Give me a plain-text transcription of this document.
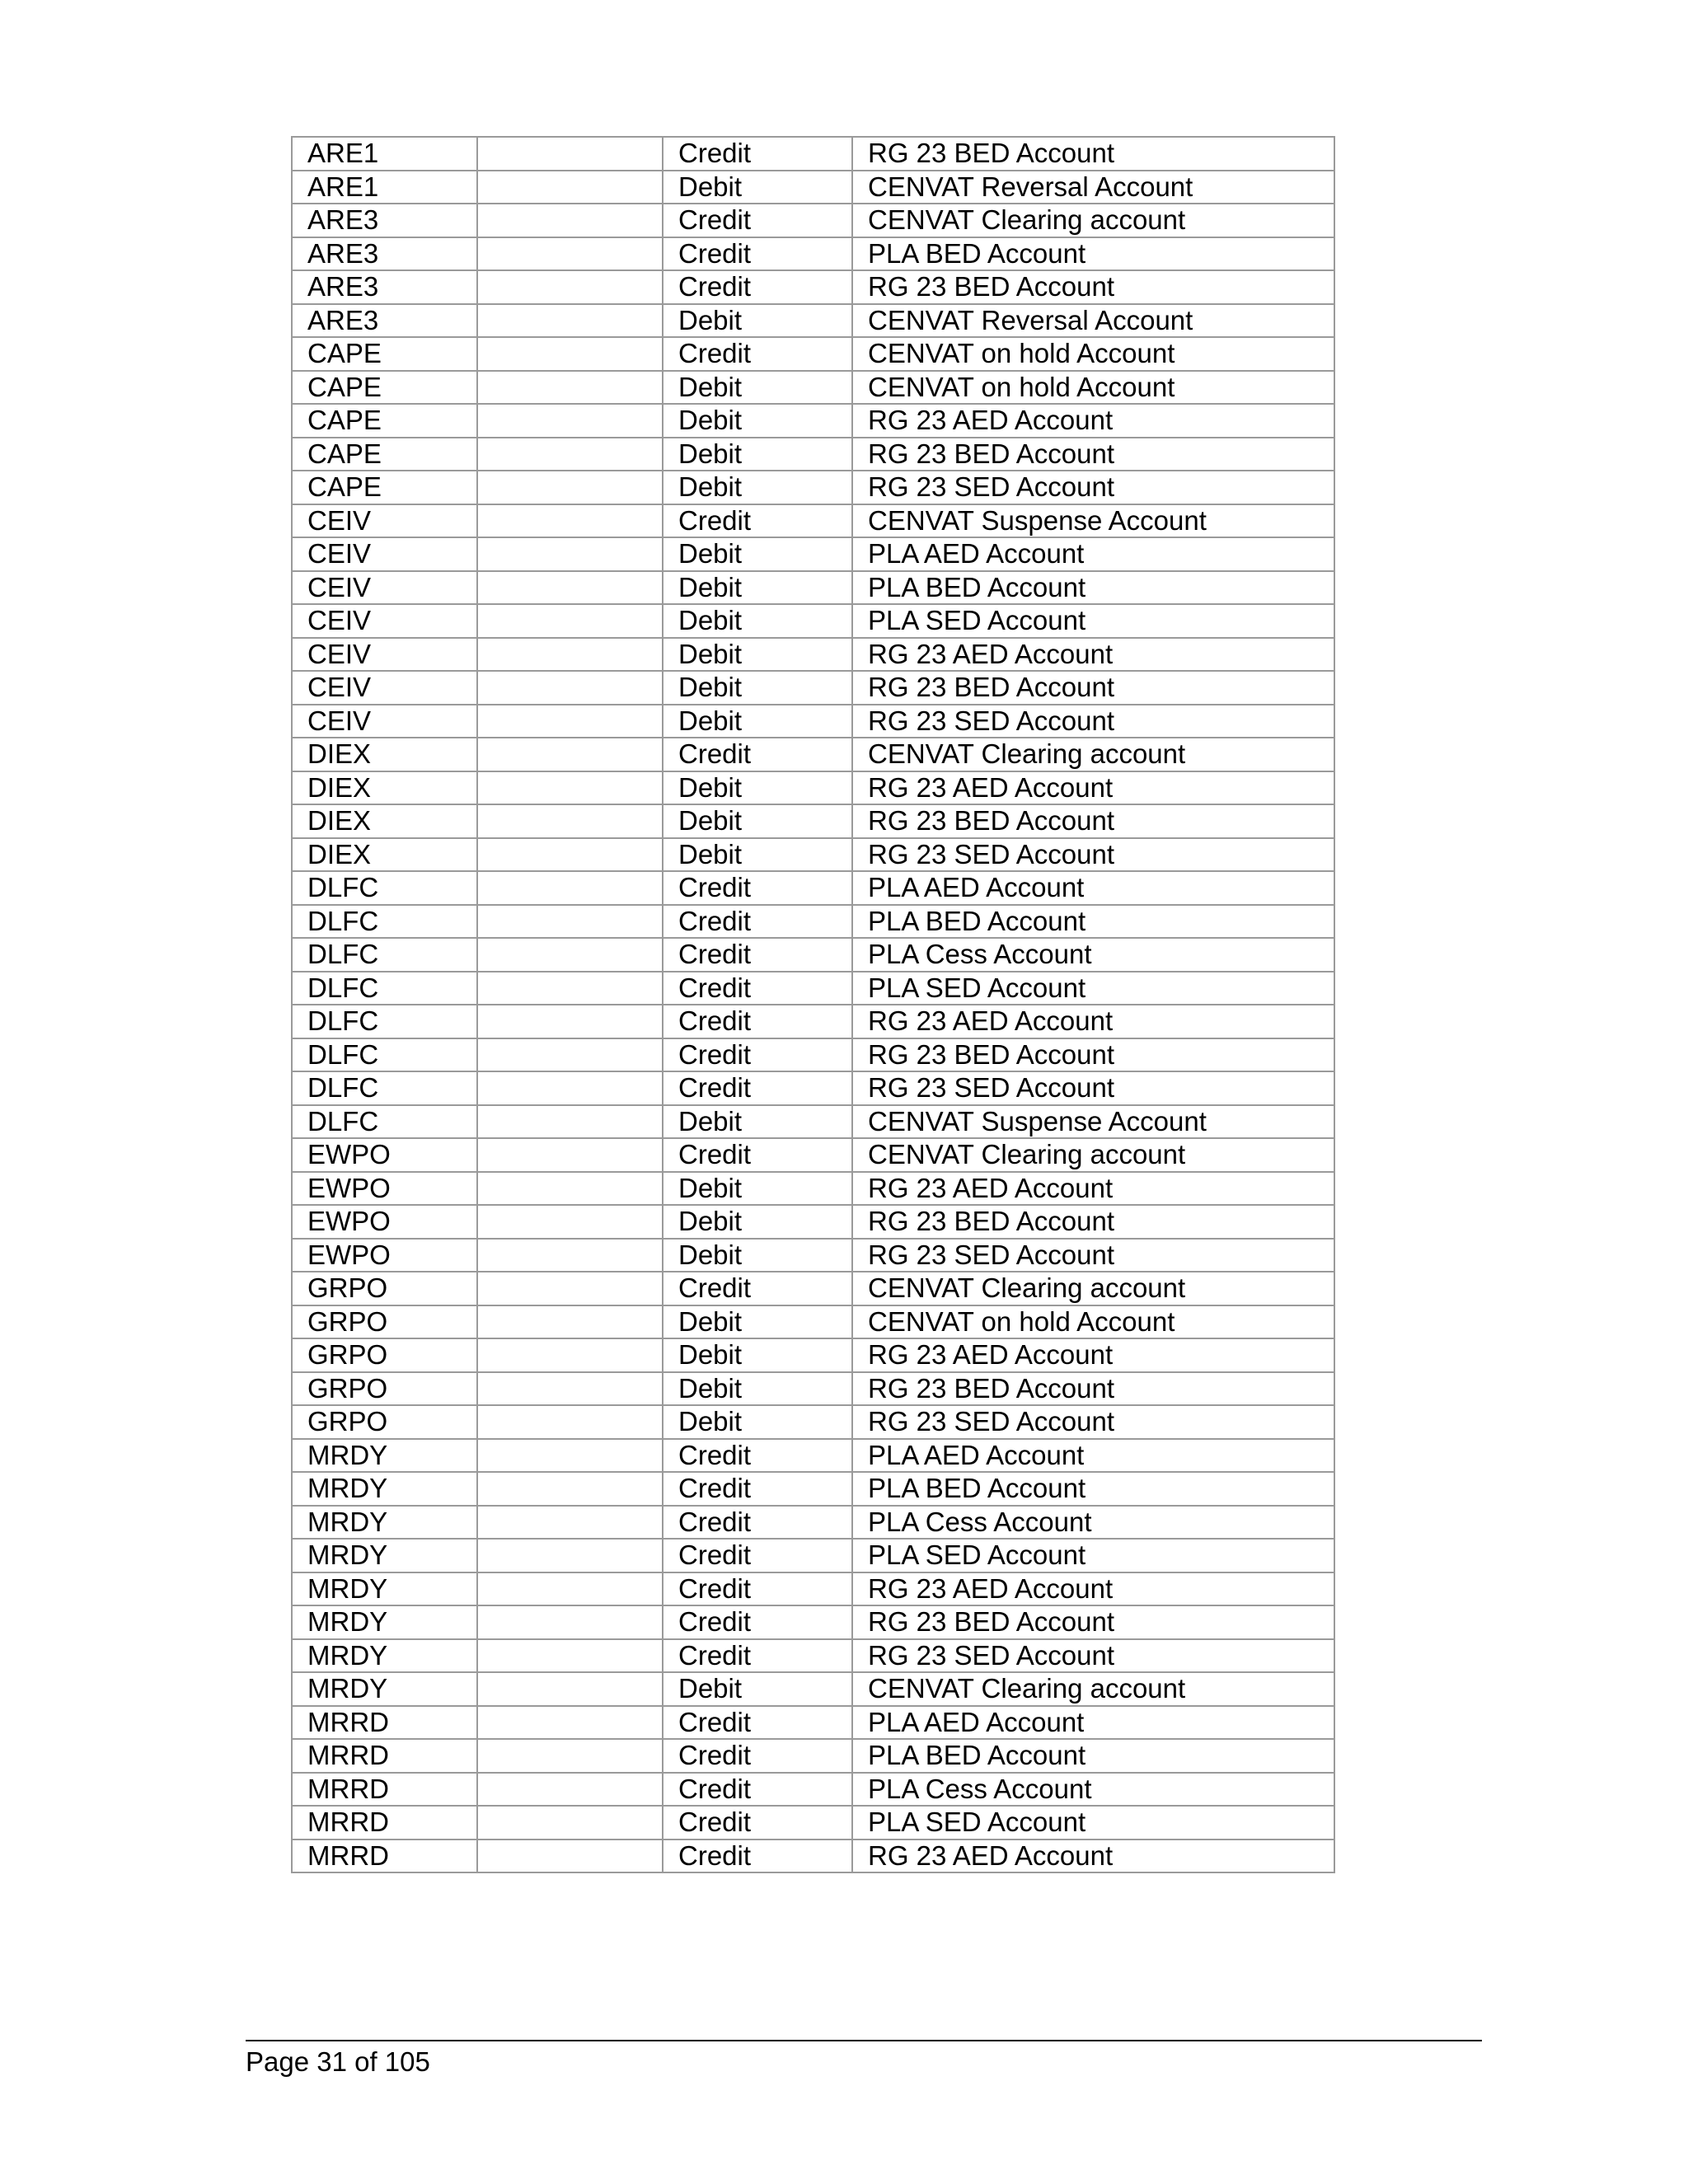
ARE1		Credit	RG 23 BED Account
ARE1		Debit	CENVAT Reversal Account
ARE3		Credit	CENVAT Clearing account
ARE3		Credit	PLA BED Account
ARE3		Credit	RG 23 BED Account
ARE3		Debit	CENVAT Reversal Account
CAPE		Credit	CENVAT on hold Account
CAPE		Debit	CENVAT on hold Account
CAPE		Debit	RG 23 AED Account
CAPE		Debit	RG 23 BED Account
CAPE		Debit	RG 23 SED Account
CEIV		Credit	CENVAT Suspense Account
CEIV		Debit	PLA AED Account
CEIV		Debit	PLA BED Account
CEIV		Debit	PLA SED Account
CEIV		Debit	RG 23 AED Account
CEIV		Debit	RG 23 BED Account
CEIV		Debit	RG 23 SED Account
DIEX		Credit	CENVAT Clearing account
DIEX		Debit	RG 23 AED Account
DIEX		Debit	RG 23 BED Account
DIEX		Debit	RG 23 SED Account
DLFC		Credit	PLA AED Account
DLFC		Credit	PLA BED Account
DLFC		Credit	PLA Cess Account
DLFC		Credit	PLA SED Account
DLFC		Credit	RG 23 AED Account
DLFC		Credit	RG 23 BED Account
DLFC		Credit	RG 23 SED Account
DLFC		Debit	CENVAT Suspense Account
EWPO		Credit	CENVAT Clearing account
EWPO		Debit	RG 23 AED Account
EWPO		Debit	RG 23 BED Account
EWPO		Debit	RG 23 SED Account
GRPO		Credit	CENVAT Clearing account
GRPO		Debit	CENVAT on hold Account
GRPO		Debit	RG 23 AED Account
GRPO		Debit	RG 23 BED Account
GRPO		Debit	RG 23 SED Account
MRDY		Credit	PLA AED Account
MRDY		Credit	PLA BED Account
MRDY		Credit	PLA Cess Account
MRDY		Credit	PLA SED Account
MRDY		Credit	RG 23 AED Account
MRDY		Credit	RG 23 BED Account
MRDY		Credit	RG 23 SED Account
MRDY		Debit	CENVAT Clearing account
MRRD		Credit	PLA AED Account
MRRD		Credit	PLA BED Account
MRRD		Credit	PLA Cess Account
MRRD		Credit	PLA SED Account
MRRD		Credit	RG 23 AED Account
Page 31 of 105
